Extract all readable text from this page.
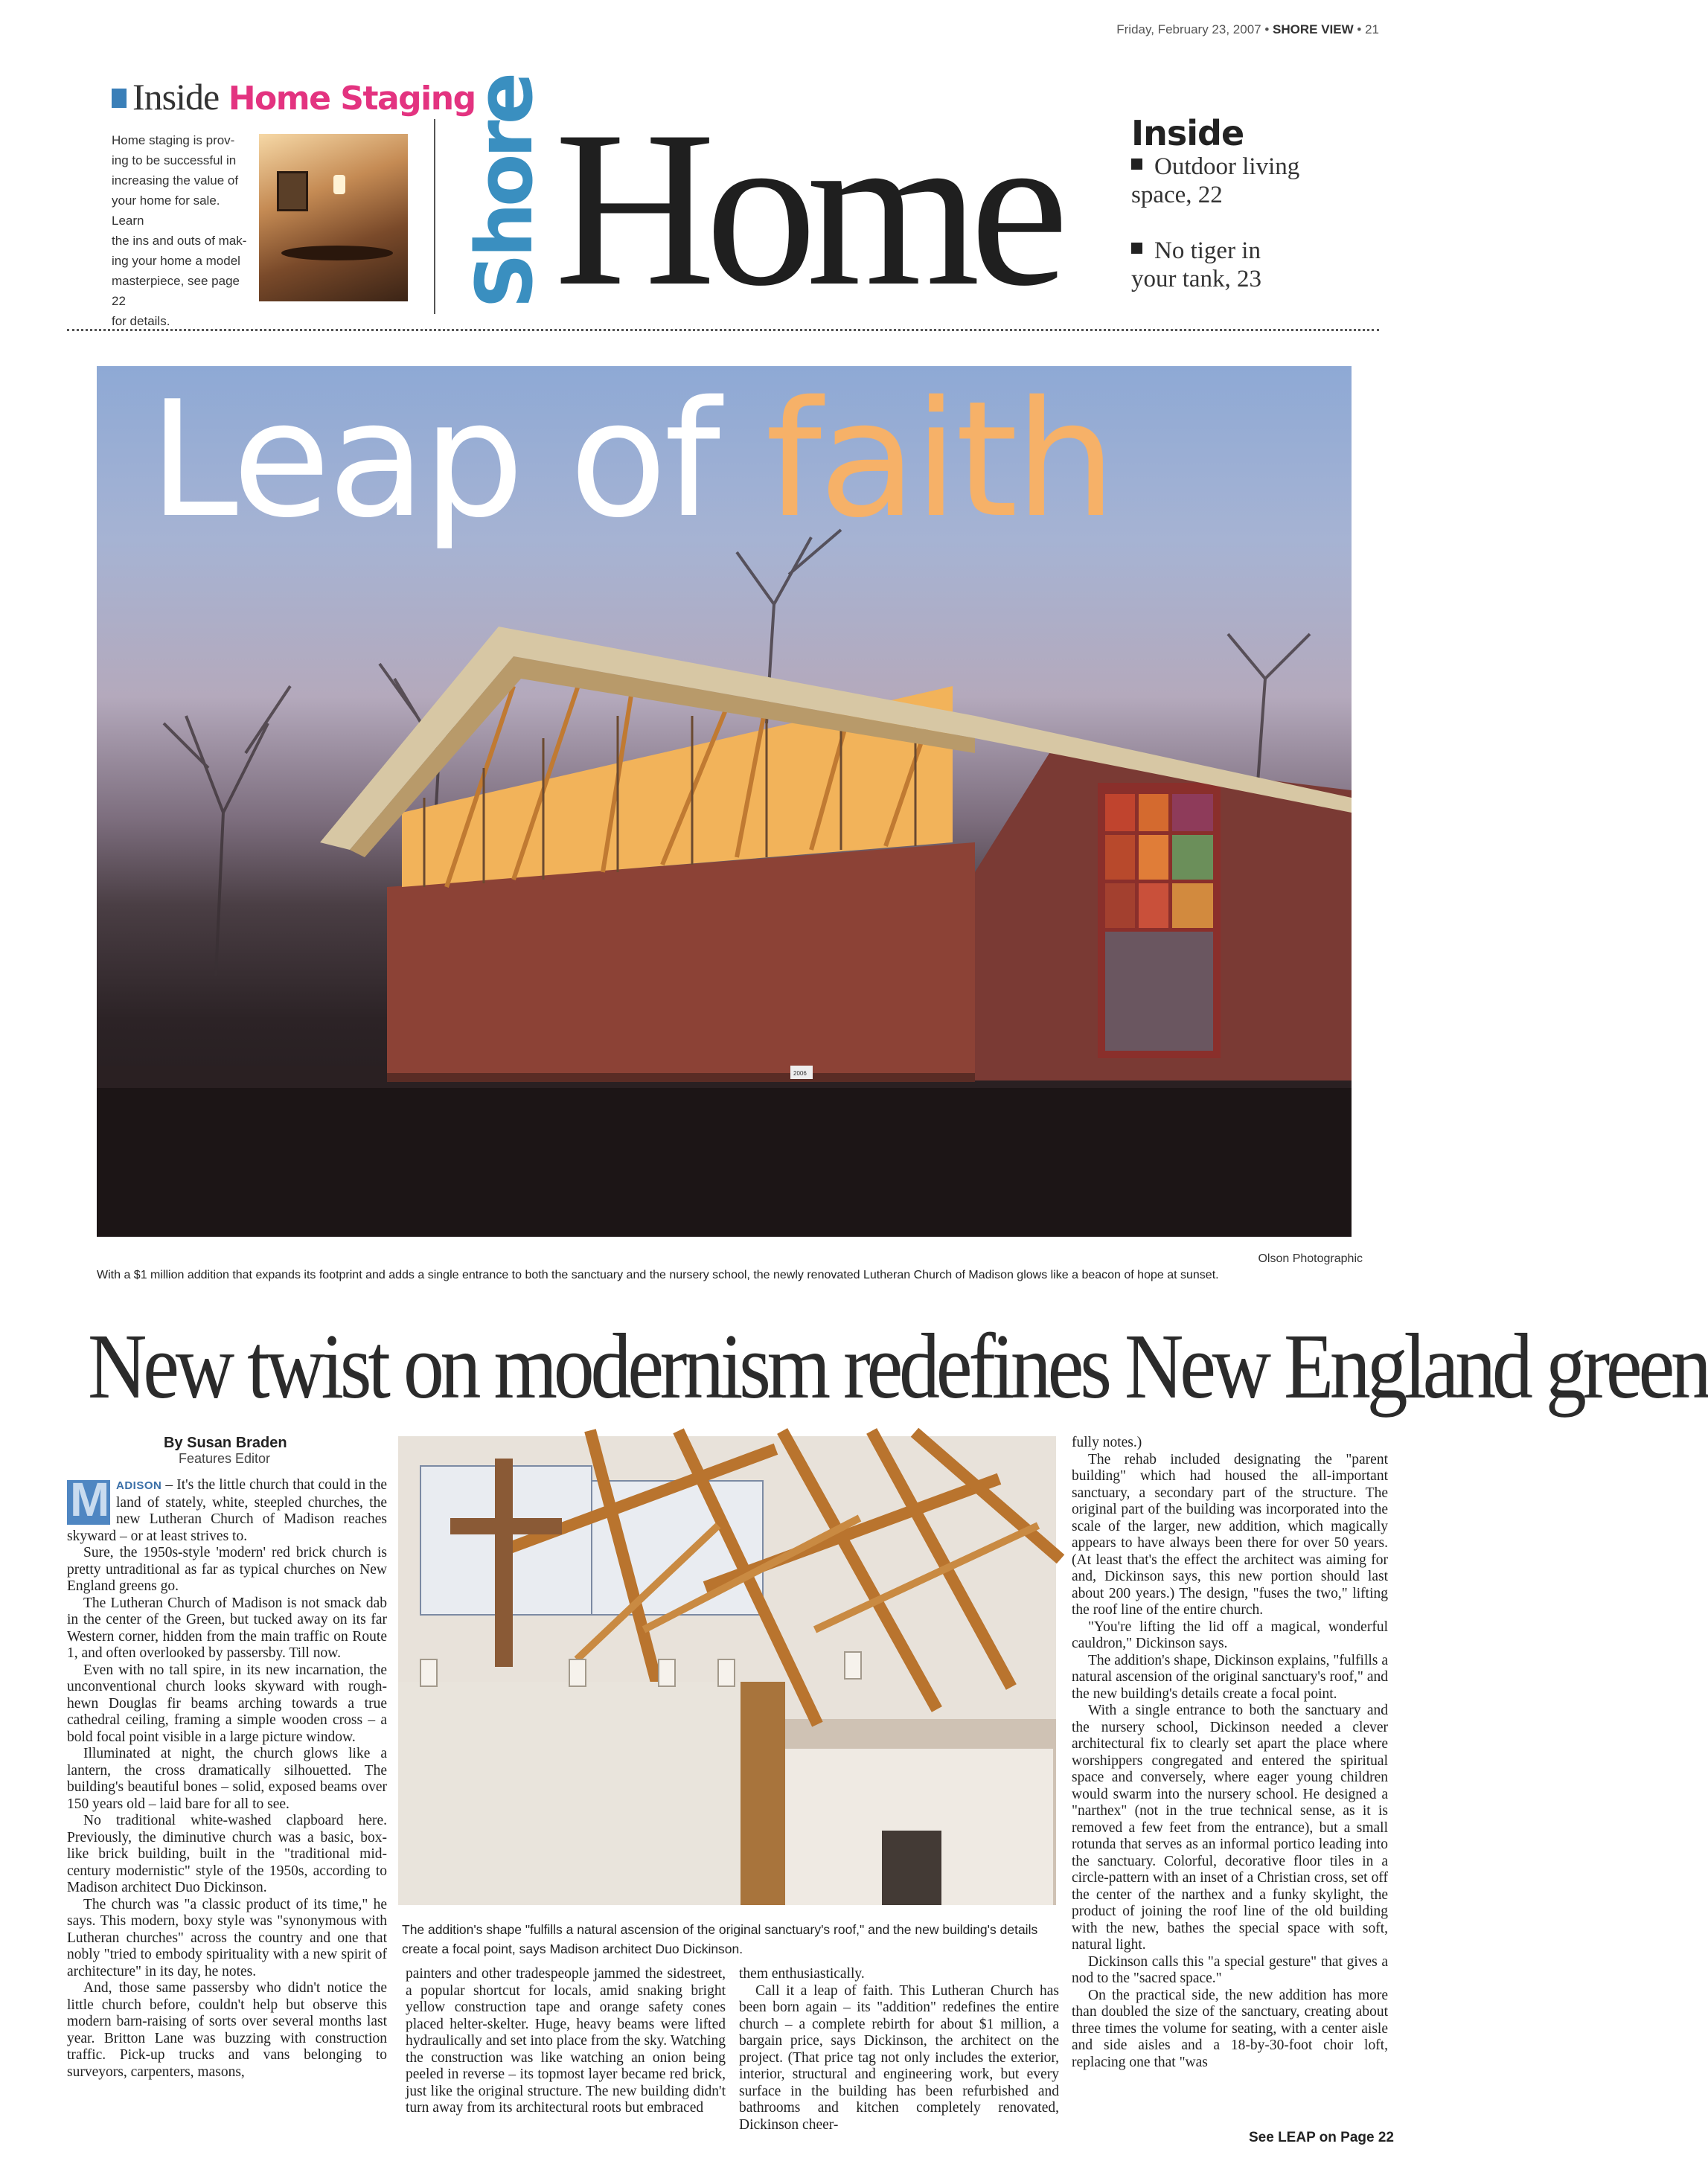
Friday, February 23, 2007 • SHORE VIEW • 21
Inside Home Staging
Home staging is prov-
ing to be successful in
increasing the value of
your home for sale. Learn
the ins and outs of mak-
ing your home a model
masterpiece, see page 22
for details.
Shore Home Inside
Outdoor living
space, 22
No tiger in
your tank, 23
2006
Leap of faith
Olson Photographic
With a $1 million addition that expands its footprint and adds a single entrance to both the sanctuary and the nursery school, the newly renovated Lutheran Church of Madison glows like a beacon of hope at sunset.
New twist on modernism redefines New England green
By Susan Braden
Features Editor

M ADISON – It's the little church that could in the land of stately, white, steepled churches, the new Lutheran Church of Madison reaches skyward – or at least strives to.

Sure, the 1950s-style 'modern' red brick church is pretty untraditional as far as typical churches on New England greens go.

The Lutheran Church of Madison is not smack dab in the center of the Green, but tucked away on its far Western corner, hidden from the main traffic on Route 1, and often overlooked by passersby. Till now.

Even with no tall spire, in its new incarnation, the unconventional church looks skyward with rough-hewn Douglas fir beams arching towards a true cathedral ceiling, framing a simple wooden cross – a bold focal point visible in a large picture window.

Illuminated at night, the church glows like a lantern, the cross dramatically silhouetted. The building's beautiful bones – solid, exposed beams over 150 years old – laid bare for all to see.

No traditional white-washed clapboard here. Previously, the diminutive church was a basic, box-like brick building, built in the "traditional mid-century modernistic" style of the 1950s, according to Madison architect Duo Dickinson.

The church was "a classic product of its time," he says. This modern, boxy style was "synonymous with Lutheran churches" across the country and one that nobly "tried to embody spirituality with a new spirit of architecture" in its day, he notes.

And, those same passersby who didn't notice the little church before, couldn't help but observe this modern barn-raising of sorts over several months last year. Britton Lane was buzzing with construction traffic. Pick-up trucks and vans belonging to surveyors, carpenters, masons,

The addition's shape "fulfills a natural ascension of the original sanctuary's roof," and the new building's details create a focal point, says Madison architect Duo Dickinson.

painters and other tradespeople jammed the sidestreet, a popular shortcut for locals, amid snaking bright yellow construction tape and orange safety cones placed helter-skelter. Huge, heavy beams were lifted hydraulically and set into place from the sky. Watching the construction was like watching an onion being peeled in reverse – its topmost layer became red brick, just like the original structure. The new building didn't turn away from its architectural roots but embraced

them enthusiastically.

Call it a leap of faith. This Lutheran Church has been born again – its "addition" redefines the entire church – a complete rebirth for about $1 million, a bargain price, says Dickinson, the architect on the project. (That price tag not only includes the exterior, interior, structural and engineering work, but every surface in the building has been refurbished and bathrooms and kitchen completely renovated, Dickinson cheer-

fully notes.)

The rehab included designating the "parent building" which had housed the all-important sanctuary, a secondary part of the structure. The original part of the building was incorporated into the scale of the larger, new addition, which magically appears to have always been there for over 50 years. (At least that's the effect the architect was aiming for and, Dickinson says, this new portion should last about 200 years.) The design, "fuses the two," lifting the roof line of the entire church.

"You're lifting the lid off a magical, wonderful cauldron," Dickinson says.

The addition's shape, Dickinson explains, "fulfills a natural ascension of the original sanctuary's roof," and the new building's details create a focal point.

With a single entrance to both the sanctuary and the nursery school, Dickinson needed a clever architectural fix to clearly set apart the place where worshippers congregated and entered the spiritual space and conversely, where eager young children would swarm into the nursery school. He designed a "narthex" (not in the true technical sense, as it is removed a few feet from the entrance), but a small rotunda that serves as an informal portico leading into the sanctuary. Colorful, decorative floor tiles in a circle-pattern with an inset of a Christian cross, set off the center of the narthex and a funky skylight, the product of joining the roof line of the old building with the new, bathes the special space with soft, natural light.

Dickinson calls this "a special gesture" that gives a nod to the "sacred space."

On the practical side, the new addition has more than doubled the size of the sanctuary, creating about three times the volume for seating, with a center aisle and side aisles and a 18-by-30-foot choir loft, replacing one that "was

See LEAP on Page 22
